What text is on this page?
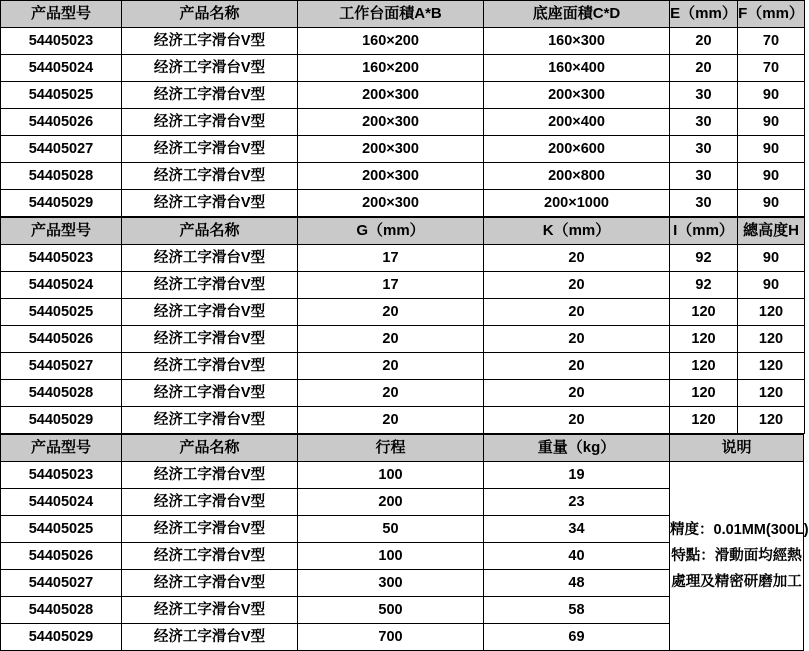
产品型号	产品名称	工作台面積A*B	底座面積C*D	E（mm）	F（mm）
54405023	经济工字滑台V型	160×200	160×300	20	70
54405024	经济工字滑台V型	160×200	160×400	20	70
54405025	经济工字滑台V型	200×300	200×300	30	90
54405026	经济工字滑台V型	200×300	200×400	30	90
54405027	经济工字滑台V型	200×300	200×600	30	90
54405028	经济工字滑台V型	200×300	200×800	30	90
54405029	经济工字滑台V型	200×300	200×1000	30	90
产品型号	产品名称	G（mm）	K（mm）	I（mm）	總高度H
54405023	经济工字滑台V型	17	20	92	90
54405024	经济工字滑台V型	17	20	92	90
54405025	经济工字滑台V型	20	20	120	120
54405026	经济工字滑台V型	20	20	120	120
54405027	经济工字滑台V型	20	20	120	120
54405028	经济工字滑台V型	20	20	120	120
54405029	经济工字滑台V型	20	20	120	120
产品型号	产品名称	行程	重量（kg）	说明
54405023	经济工字滑台V型	100	19	精度：0.01MM(300L)
特點：滑動面均經熱
處理及精密研磨加工

54405024	经济工字滑台V型	200	23	
54405025	经济工字滑台V型	50	34	
54405026	经济工字滑台V型	100	40	
54405027	经济工字滑台V型	300	48	
54405028	经济工字滑台V型	500	58	
54405029	经济工字滑台V型	700	69	
